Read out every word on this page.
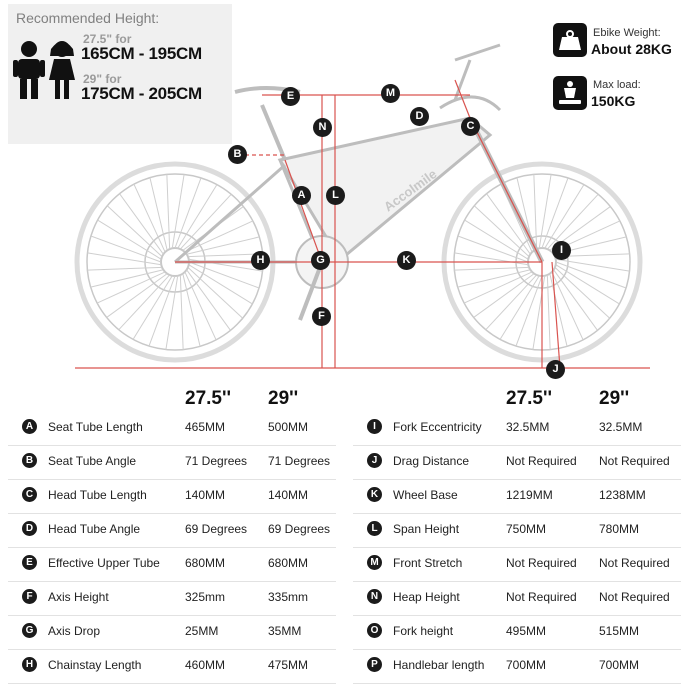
Accolmile
A
B
C
D
E
F
G
H
I
J
K
L
M
N
Recommended Height:
27.5" for
165CM - 195CM
29" for
175CM - 205CM
Ebike Weight:
About 28KG
Max load:
150KG
27.5'' 29''	27.5'' 29''
A	Seat Tube Length	465MM	500MM
B	Seat Tube Angle	71 Degrees 71 Degrees
C	Head Tube Length	140MM	140MM
D	Head Tube Angle	69 Degrees 69 Degrees
E	Effective Upper Tube 680MM	680MM
F	Axis Height	325mm	335mm
G	Axis Drop	25MM	35MM
H	Chainstay Length	460MM	475MM
I	Fork Eccentricity 32.5MM	32.5MM
J	Drag Distance	Not Required Not Required
K	Wheel Base	1219MM	1238MM
L	Span Height	750MM	780MM
M Front Stretch	Not Required Not Required
N	Heap Height	Not Required Not Required
O	Fork height	495MM	515MM
P	Handlebar length 700MM	700MM
